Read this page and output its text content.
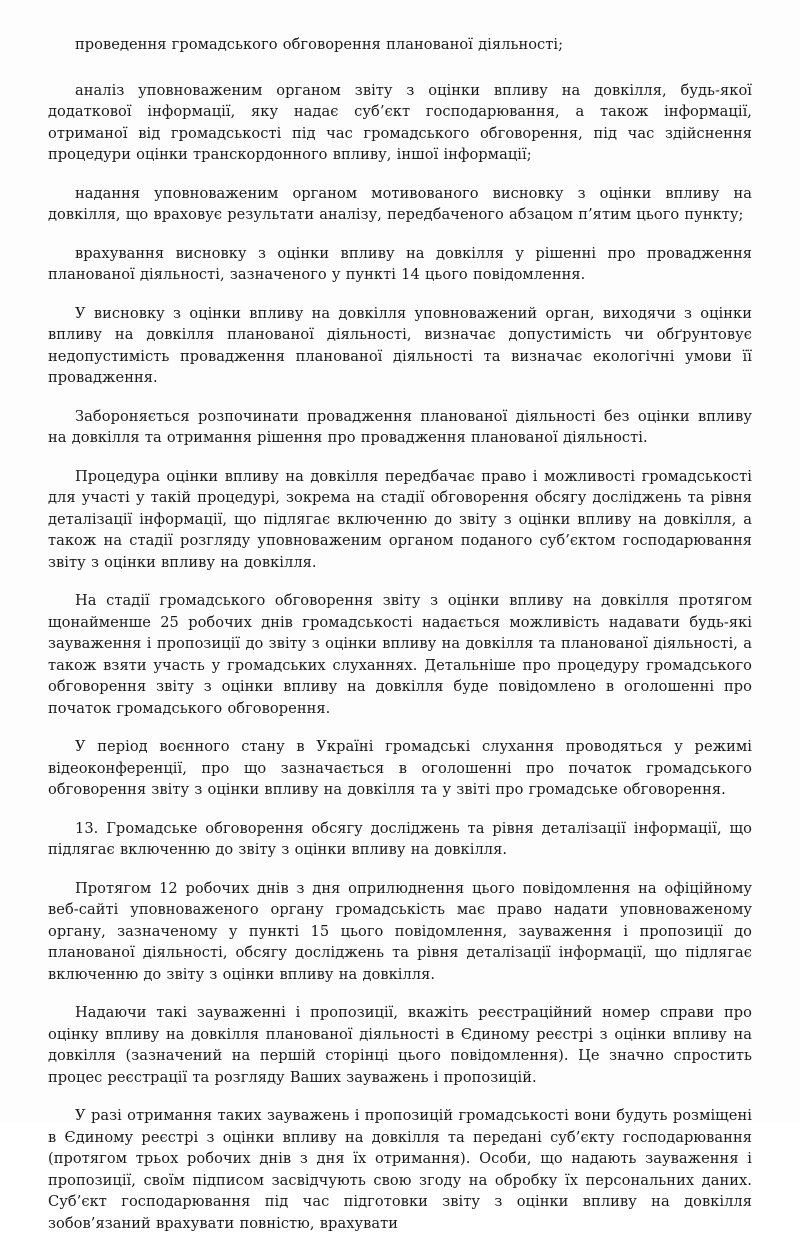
проведення громадського обговорення планованої діяльності;

аналіз уповноваженим органом звіту з оцінки впливу на довкілля, будь-якої додаткової інформації, яку надає суб’єкт господарювання, а також інформації, отриманої від громадськості під час громадського обговорення, під час здійснення процедури оцінки транскордонного впливу, іншої інформації;

надання уповноваженим органом мотивованого висновку з оцінки впливу на довкілля, що враховує результати аналізу, передбаченого абзацом п’ятим цього пункту;

врахування висновку з оцінки впливу на довкілля у рішенні про провадження планованої діяльності, зазначеного у пункті 14 цього повідомлення.

У висновку з оцінки впливу на довкілля уповноважений орган, виходячи з оцінки впливу на довкілля планованої діяльності, визначає допустимість чи обґрунтовує недопустимість провадження планованої діяльності та визначає екологічні умови її провадження.

Забороняється розпочинати провадження планованої діяльності без оцінки впливу на довкілля та отримання рішення про провадження планованої діяльності.

Процедура оцінки впливу на довкілля передбачає право і можливості громадськості для участі у такій процедурі, зокрема на стадії обговорення обсягу досліджень та рівня деталізації інформації, що підлягає включенню до звіту з оцінки впливу на довкілля, а також на стадії розгляду уповноваженим органом поданого суб’єктом господарювання звіту з оцінки впливу на довкілля.

На стадії громадського обговорення звіту з оцінки впливу на довкілля протягом щонайменше 25 робочих днів громадськості надається можливість надавати будь-які зауваження і пропозиції до звіту з оцінки впливу на довкілля та планованої діяльності, а також взяти участь у громадських слуханнях. Детальніше про процедуру громадського обговорення звіту з оцінки впливу на довкілля буде повідомлено в оголошенні про початок громадського обговорення.

У період воєнного стану в Україні громадські слухання проводяться у режимі відеоконференції, про що зазначається в оголошенні про початок громадського обговорення звіту з оцінки впливу на довкілля та у звіті про громадське обговорення.

13. Громадське обговорення обсягу досліджень та рівня деталізації інформації, що підлягає включенню до звіту з оцінки впливу на довкілля.

Протягом 12 робочих днів з дня оприлюднення цього повідомлення на офіційному веб-сайті уповноваженого органу громадськість має право надати уповноваженому органу, зазначеному у пункті 15 цього повідомлення, зауваження і пропозиції до планованої діяльності, обсягу досліджень та рівня деталізації інформації, що підлягає включенню до звіту з оцінки впливу на довкілля.

Надаючи такі зауваженні і пропозиції, вкажіть реєстраційний номер справи про оцінку впливу на довкілля планованої діяльності в Єдиному реєстрі з оцінки впливу на довкілля (зазначений на першій сторінці цього повідомлення). Це значно спростить процес реєстрації та розгляду Ваших зауважень і пропозицій.

У разі отримання таких зауважень і пропозицій громадськості вони будуть розміщені в Єдиному реєстрі з оцінки впливу на довкілля та передані суб’єкту господарювання (протягом трьох робочих днів з дня їх отримання). Особи, що надають зауваження і пропозиції, своїм підписом засвідчують свою згоду на обробку їх персональних даних. Суб’єкт господарювання під час підготовки звіту з оцінки впливу на довкілля зобов’язаний врахувати повністю, врахувати
